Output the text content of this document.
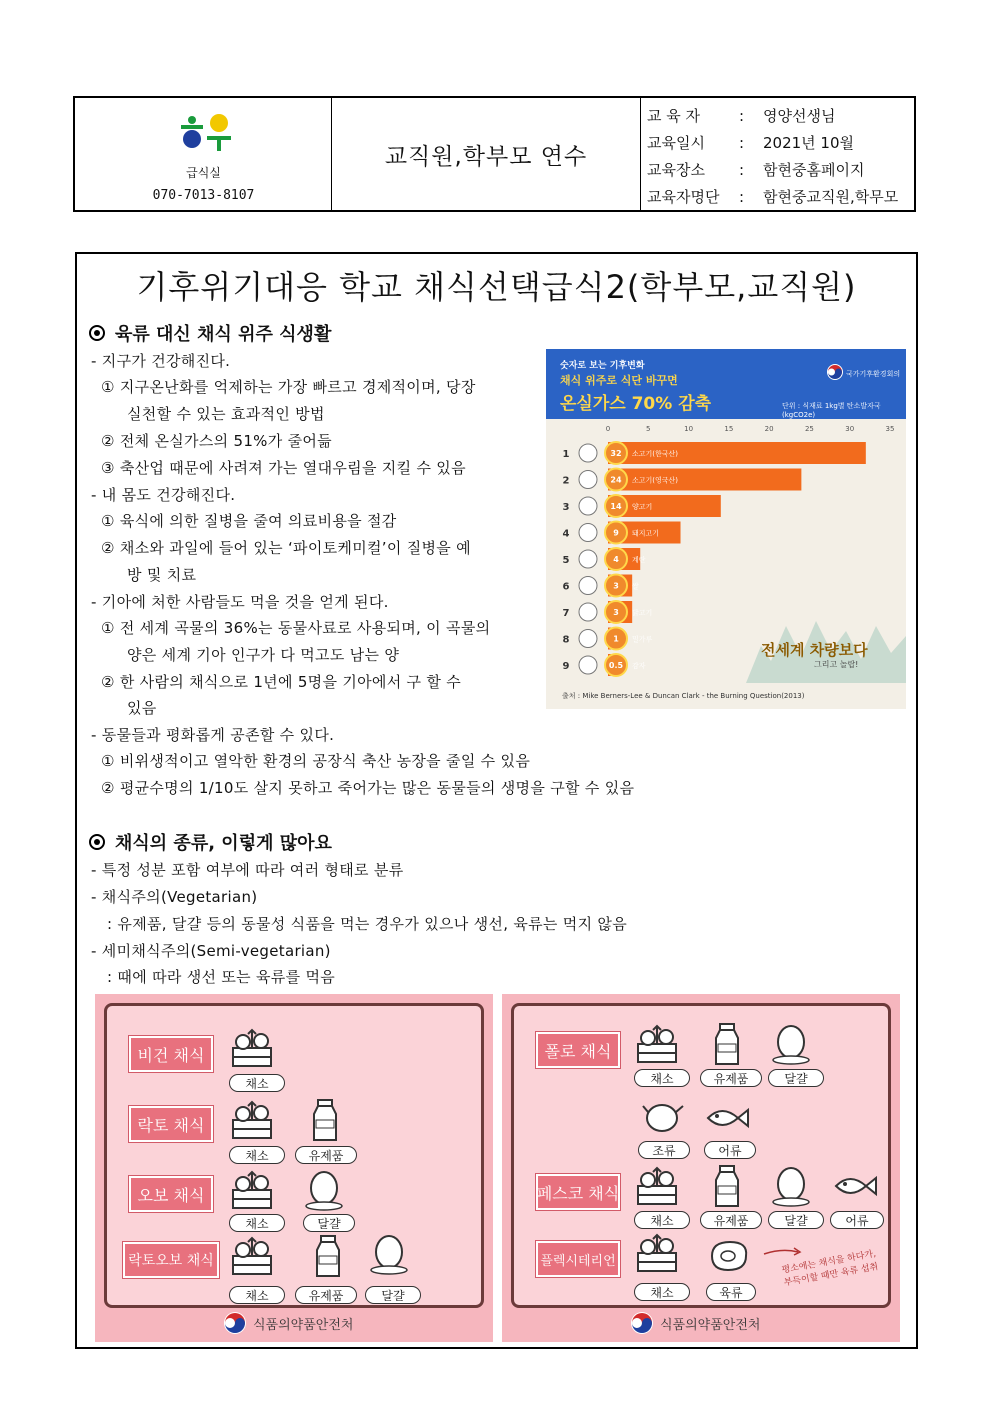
급식실
070-7013-8107
교직원,학부모 연수
교 육 자	:	영양선생님
교육일시	:	2021년 10월
교육장소	:	함현중홈페이지
교육자명단	:	함현중교직원,학무모
기후위기대응 학교 채식선택급식2(학부모,교직원)
육류 대신 채식 위주 식생활
- 지구가 건강해진다.
① 지구온난화를 억제하는 가장 빠르고 경제적이며, 당장
실천할 수 있는 효과적인 방법
② 전체 온실가스의 51%가 줄어듦
③ 축산업 때문에 사려져 가는 열대우림을 지킬 수 있음
- 내 몸도 건강해진다.
① 육식에 의한 질병을 줄여 의료비용을 절감
② 채소와 과일에 들어 있는 ‘파이토케미컬’이 질병을 예
방 및 치료
- 기아에 처한 사람들도 먹을 것을 얻게 된다.
① 전 세계 곡물의 36%는 동물사료로 사용되며, 이 곡물의
양은 세계 기아 인구가 다 먹고도 남는 양
② 한 사람의 채식으로 1년에 5명을 기아에서 구 할 수
있음
- 동물들과 평화롭게 공존할 수 있다.
① 비위생적이고 열악한 환경의 공장식 축산 농장을 줄일 수 있음
② 평균수명의 1/10도 살지 못하고 죽어가는 많은 동물들의 생명을 구할 수 있음
숫자로 보는 기후변화
채식 위주로 식단 바꾸면
온실가스 70% 감축
국가기후환경회의
단위 : 식재료 1kg별 탄소발자국(kgCO2e)
0	5	10	15	20	25	30	35
1	32 소고기(한국산)
2	24 소고기(영국산)
3	14 양고기
4	9 돼지고기
5	4 계란
6	3 쌀
7	3 닭고기
8	1 밀가루
9	0.5 감자
전세계 차량보다
그리고 놀랍!
출처 : Mike Berners-Lee & Duncan Clark - the Burning Question(2013)
채식의 종류, 이렇게 많아요
- 특정 성분 포함 여부에 따라 여러 형태로 분류
- 채식주의(Vegetarian)
: 유제품, 달걀 등의 동물성 식품을 먹는 경우가 있으나 생선, 육류는 먹지 않음
- 세미채식주의(Semi-vegetarian)
: 때에 따라 생선 또는 육류를 먹음
비건 채식
채소
락토 채식
채소	유제품
오보 채식
채소	달걀
락토오보 채식
채소	유제품	달걀
식품의약품안전처
폴로 채식
채소	유제품	달걀
조류	어류
페스코 채식
채소	유제품	달걀	어류
플렉시테리언	평소에는 채식을 하다가, 부득이할 때만 육류 섭취
채소	육류
식품의약품안전처
